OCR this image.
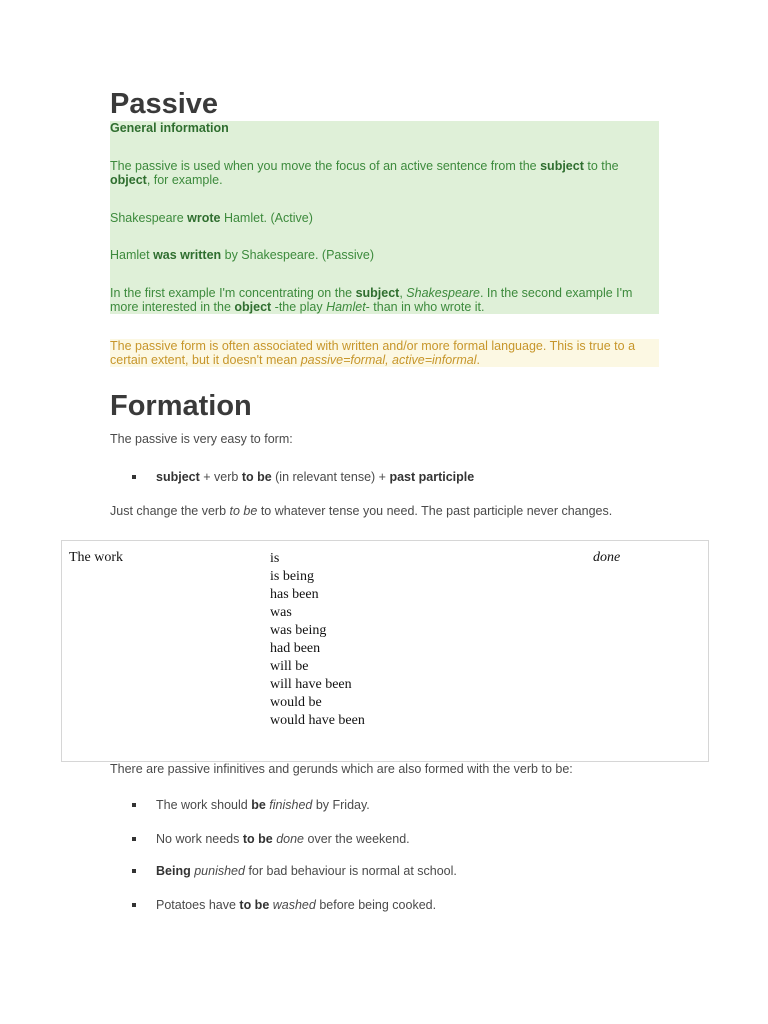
Passive
General information
The passive is used when you move the focus of an active sentence from the subject to the object, for example.
Shakespeare wrote Hamlet. (Active)
Hamlet was written by Shakespeare. (Passive)
In the first example I'm concentrating on the subject, Shakespeare. In the second example I'm more interested in the object -the play Hamlet- than in who wrote it.
The passive form is often associated with written and/or more formal language. This is true to a certain extent, but it doesn't mean passive=formal, active=informal.
Formation
The passive is very easy to form:
subject + verb to be (in relevant tense) + past participle
Just change the verb to be to whatever tense you need. The past participle never changes.
The work	is
is being
has been
was
was being
had been
will be
will have been
would be
would have been
done
There are passive infinitives and gerunds which are also formed with the verb to be:
The work should be finished by Friday.
No work needs to be done over the weekend.
Being punished for bad behaviour is normal at school.
Potatoes have to be washed before being cooked.
